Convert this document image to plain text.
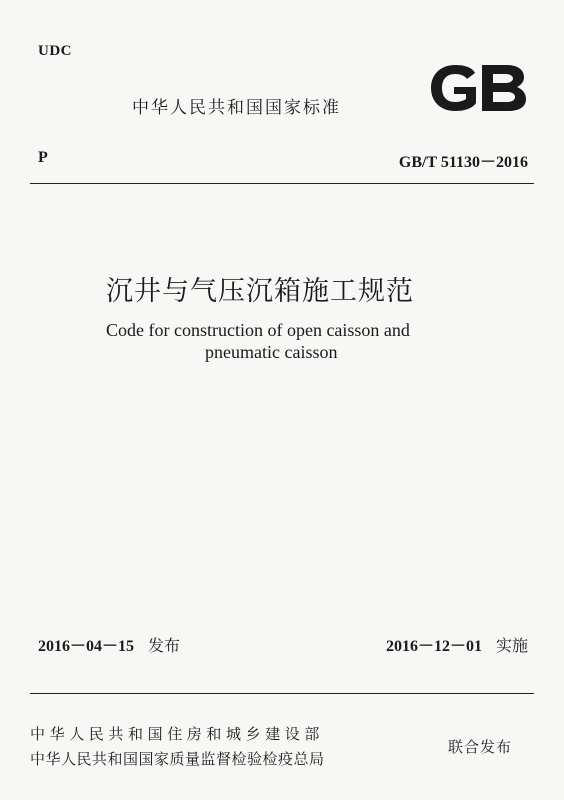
UDC
中华人民共和国国家标准
P	GB/T 51130－2016
沉井与气压沉箱施工规范
Code for construction of open caisson and
pneumatic caisson
2016－04－15 发布	2016－12－01 实施
中华人民共和国住房和城乡建设部
中华人民共和国国家质量监督检验检疫总局
联合发布
